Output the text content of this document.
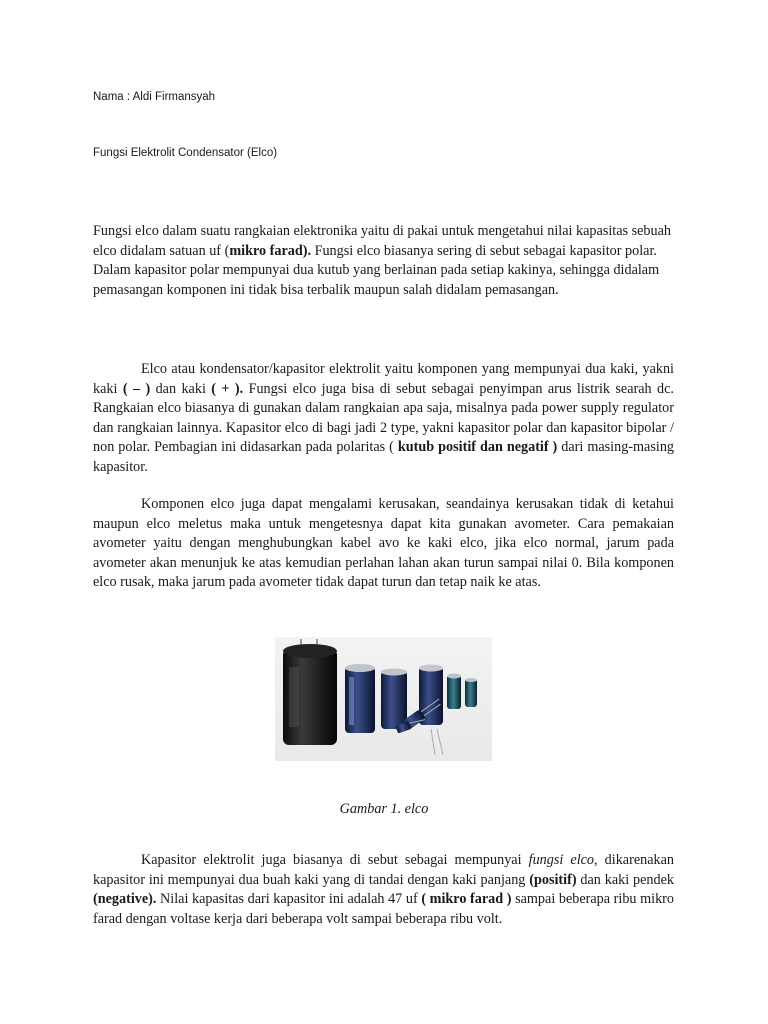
Nama : Aldi Firmansyah
Fungsi Elektrolit Condensator (Elco)

Fungsi elco dalam suatu rangkaian elektronika yaitu di pakai untuk mengetahui nilai kapasitas sebuah elco didalam satuan uf (mikro farad). Fungsi elco biasanya sering di sebut sebagai kapasitor polar. Dalam kapasitor polar mempunyai dua kutub yang berlainan pada setiap kakinya, sehingga didalam pemasangan komponen ini tidak bisa terbalik maupun salah didalam pemasangan.

Elco atau kondensator/kapasitor elektrolit yaitu komponen yang mempunyai dua kaki, yakni kaki ( – ) dan kaki ( + ). Fungsi elco juga bisa di sebut sebagai penyimpan arus listrik searah dc. Rangkaian elco biasanya di gunakan dalam rangkaian apa saja, misalnya pada power supply regulator dan rangkaian lainnya. Kapasitor elco di bagi jadi 2 type, yakni kapasitor polar dan kapasitor bipolar / non polar. Pembagian ini didasarkan pada polaritas ( kutub positif dan negatif ) dari masing-masing kapasitor.

Komponen elco juga dapat mengalami kerusakan, seandainya kerusakan tidak di ketahui maupun elco meletus maka untuk mengetesnya dapat kita gunakan avometer. Cara pemakaian avometer yaitu dengan menghubungkan kabel avo ke kaki elco, jika elco normal, jarum pada avometer akan menunjuk ke atas kemudian perlahan lahan akan turun sampai nilai 0. Bila komponen elco rusak, maka jarum pada avometer tidak dapat turun dan tetap naik ke atas.

Gambar 1. elco

Kapasitor elektrolit juga biasanya di sebut sebagai mempunyai fungsi elco, dikarenakan kapasitor ini mempunyai dua buah kaki yang di tandai dengan kaki panjang (positif) dan kaki pendek (negative). Nilai kapasitas dari kapasitor ini adalah 47 uf ( mikro farad ) sampai beberapa ribu mikro farad dengan voltase kerja dari beberapa volt sampai beberapa ribu volt.
